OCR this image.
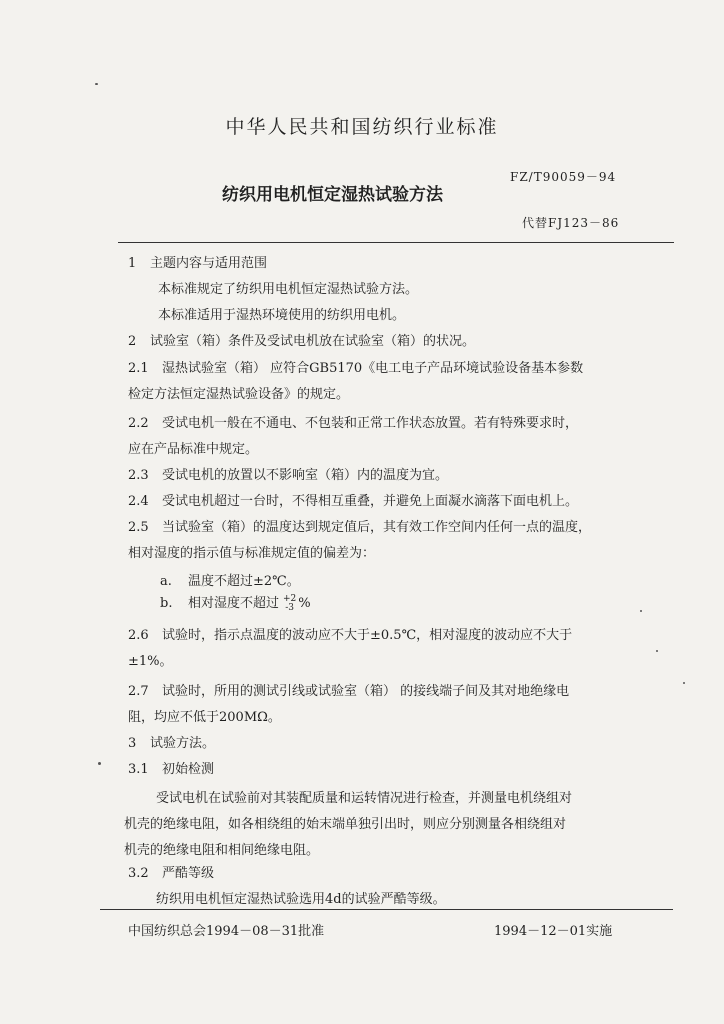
中华人民共和国纺织行业标准
FZ/T90059－94
纺织用电机恒定湿热试验方法
代替FJ123－86
1 主题内容与适用范围
本标准规定了纺织用电机恒定湿热试验方法。
本标准适用于湿热环境使用的纺织用电机。
2 试验室（箱）条件及受试电机放在试验室（箱）的状况。
2.1 湿热试验室（箱） 应符合GB5170《电工电子产品环境试验设备基本参数
检定方法恒定湿热试验设备》的规定。
2.2 受试电机一般在不通电、不包装和正常工作状态放置。若有特殊要求时，
应在产品标准中规定。
2.3 受试电机的放置以不影响室（箱）内的温度为宜。
2.4 受试电机超过一台时，不得相互重叠，并避免上面凝水滴落下面电机上。
2.5 当试验室（箱）的温度达到规定值后，其有效工作空间内任何一点的温度，
相对湿度的指示值与标准规定值的偏差为：
a. 温度不超过±2℃。
b. 相对湿度不超过 +2
-3 %
2.6 试验时，指示点温度的波动应不大于±0.5℃，相对湿度的波动应不大于
±1%。
2.7 试验时，所用的测试引线或试验室（箱） 的接线端子间及其对地绝缘电
阻，均应不低于200MΩ。
3 试验方法。
3.1 初始检测
受试电机在试验前对其装配质量和运转情况进行检查，并测量电机绕组对
机壳的绝缘电阻，如各相绕组的始末端单独引出时，则应分别测量各相绕组对
机壳的绝缘电阻和相间绝缘电阻。
3.2 严酷等级
纺织用电机恒定湿热试验选用4d的试验严酷等级。
中国纺织总会1994－08－31批准	1994－12－01实施
